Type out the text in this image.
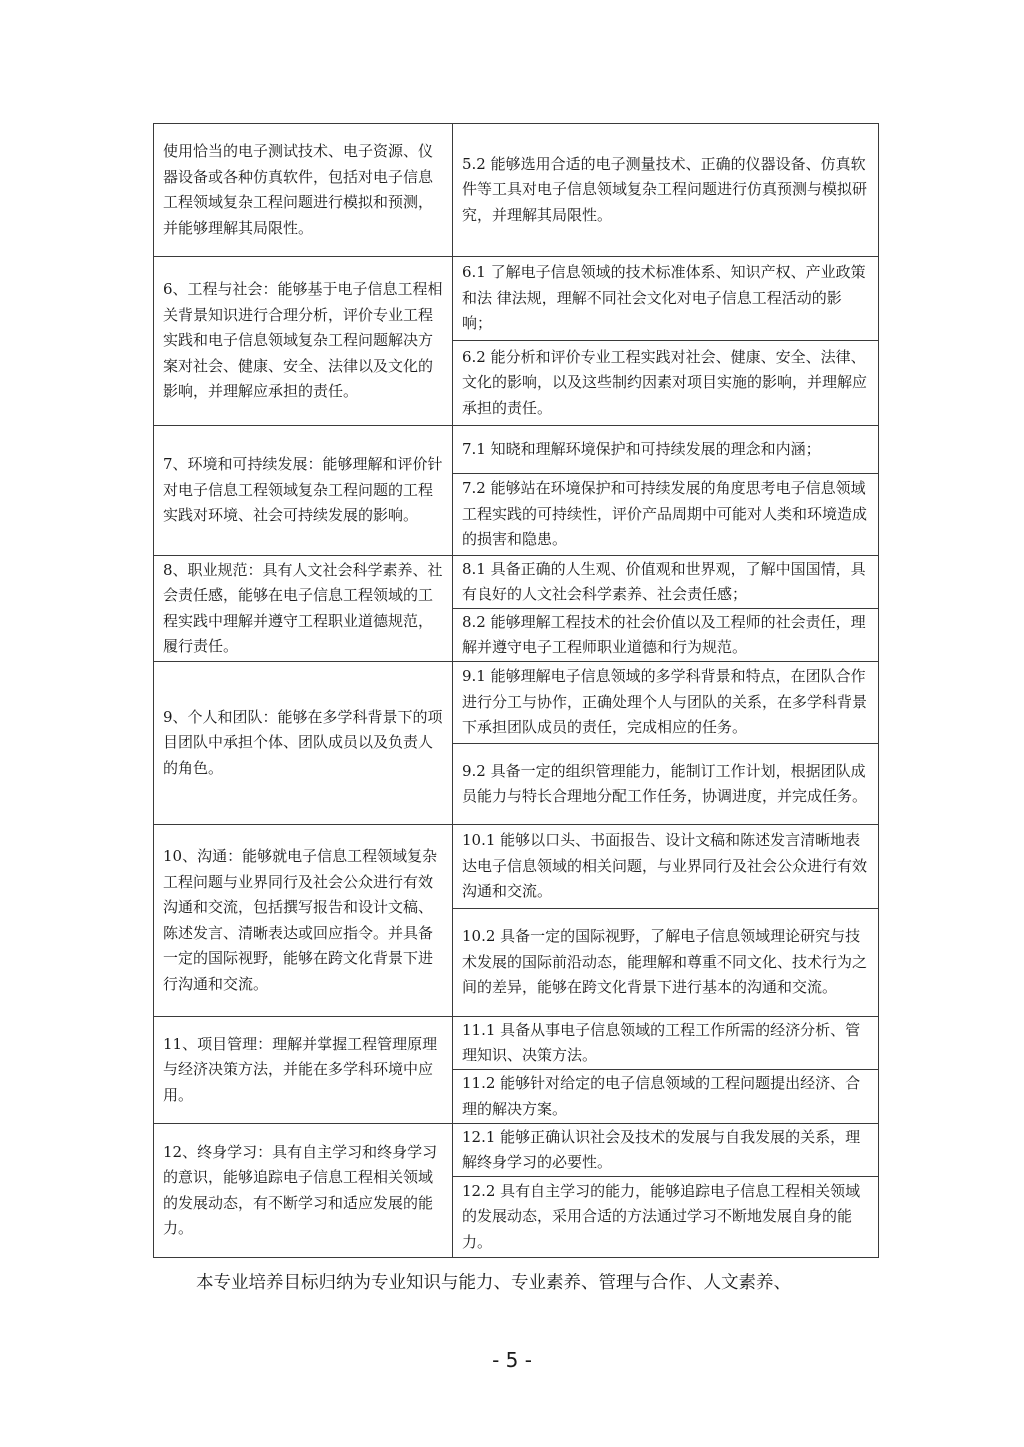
使用恰当的电子测试技术、电子资源、仪器设备或各种仿真软件，包括对电子信息工程领域复杂工程问题进行模拟和预测，并能够理解其局限性。	5.2 能够选用合适的电子测量技术、正确的仪器设备、仿真软件等工具对电子信息领域复杂工程问题进行仿真预测与模拟研究，并理解其局限性。

6、工程与社会：能够基于电子信息工程相关背景知识进行合理分析，评价专业工程实践和电子信息领域复杂工程问题解决方案对社会、健康、安全、法律以及文化的影响，并理解应承担的责任。	6.1 了解电子信息领域的技术标准体系、知识产权、产业政策和法 律法规，理解不同社会文化对电子信息工程活动的影响；

	6.2 能分析和评价专业工程实践对社会、健康、安全、法律、文化的影响，以及这些制约因素对项目实施的影响，并理解应承担的责任。

7、环境和可持续发展：能够理解和评价针对电子信息工程领域复杂工程问题的工程实践对环境、社会可持续发展的影响。	7.1 知晓和理解环境保护和可持续发展的理念和内涵；

	7.2 能够站在环境保护和可持续发展的角度思考电子信息领域工程实践的可持续性，评价产品周期中可能对人类和环境造成的损害和隐患。

8、职业规范：具有人文社会科学素养、社会责任感，能够在电子信息工程领域的工程实践中理解并遵守工程职业道德规范，履行责任。	8.1 具备正确的人生观、价值观和世界观，了解中国国情，具有良好的人文社会科学素养、社会责任感；

	8.2 能够理解工程技术的社会价值以及工程师的社会责任，理解并遵守电子工程师职业道德和行为规范。

9、个人和团队：能够在多学科背景下的项目团队中承担个体、团队成员以及负责人的角色。	9.1 能够理解电子信息领域的多学科背景和特点，在团队合作进行分工与协作，正确处理个人与团队的关系，在多学科背景下承担团队成员的责任，完成相应的任务。

	9.2 具备一定的组织管理能力，能制订工作计划，根据团队成员能力与特长合理地分配工作任务，协调进度，并完成任务。

10、沟通：能够就电子信息工程领域复杂工程问题与业界同行及社会公众进行有效沟通和交流，包括撰写报告和设计文稿、陈述发言、清晰表达或回应指令。并具备一定的国际视野，能够在跨文化背景下进行沟通和交流。	10.1 能够以口头、书面报告、设计文稿和陈述发言清晰地表达电子信息领域的相关问题，与业界同行及社会公众进行有效沟通和交流。

	10.2 具备一定的国际视野，了解电子信息领域理论研究与技术发展的国际前沿动态，能理解和尊重不同文化、技术行为之间的差异，能够在跨文化背景下进行基本的沟通和交流。

11、项目管理：理解并掌握工程管理原理与经济决策方法，并能在多学科环境中应用。	11.1 具备从事电子信息领域的工程工作所需的经济分析、管理知识、决策方法。

	11.2 能够针对给定的电子信息领域的工程问题提出经济、合理的解决方案。

12、终身学习：具有自主学习和终身学习的意识，能够追踪电子信息工程相关领域的发展动态，有不断学习和适应发展的能力。	12.1 能够正确认识社会及技术的发展与自我发展的关系，理解终身学习的必要性。

	12.2 具有自主学习的能力，能够追踪电子信息工程相关领域的发展动态，采用合适的方法通过学习不断地发展自身的能力。
本专业培养目标归纳为专业知识与能力、专业素养、管理与合作、人文素养、
- 5 -
